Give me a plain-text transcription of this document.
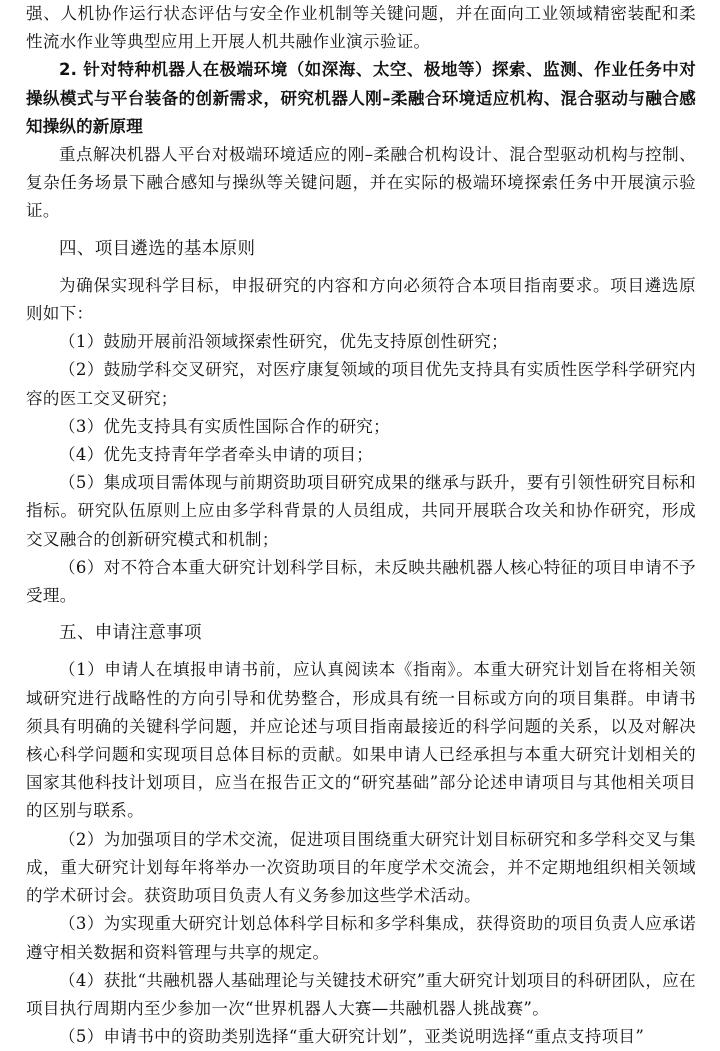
强、人机协作运行状态评估与安全作业机制等关键问题，并在面向工业领域精密装配和柔性流水作业等典型应用上开展人机共融作业演示验证。

2. 针对特种机器人在极端环境（如深海、太空、极地等）探索、监测、作业任务中对操纵模式与平台装备的创新需求，研究机器人刚–柔融合环境适应机构、混合驱动与融合感知操纵的新原理

重点解决机器人平台对极端环境适应的刚–柔融合机构设计、混合型驱动机构与控制、复杂任务场景下融合感知与操纵等关键问题，并在实际的极端环境探索任务中开展演示验证。

四、项目遴选的基本原则

为确保实现科学目标，申报研究的内容和方向必须符合本项目指南要求。项目遴选原则如下：

（1）鼓励开展前沿领域探索性研究，优先支持原创性研究；

（2）鼓励学科交叉研究，对医疗康复领域的项目优先支持具有实质性医学科学研究内容的医工交叉研究；

（3）优先支持具有实质性国际合作的研究；

（4）优先支持青年学者牵头申请的项目；

（5）集成项目需体现与前期资助项目研究成果的继承与跃升，要有引领性研究目标和指标。研究队伍原则上应由多学科背景的人员组成，共同开展联合攻关和协作研究，形成交叉融合的创新研究模式和机制；

（6）对不符合本重大研究计划科学目标，未反映共融机器人核心特征的项目申请不予受理。

五、申请注意事项

（1）申请人在填报申请书前，应认真阅读本《指南》。本重大研究计划旨在将相关领域研究进行战略性的方向引导和优势整合，形成具有统一目标或方向的项目集群。申请书须具有明确的关键科学问题，并应论述与项目指南最接近的科学问题的关系，以及对解决核心科学问题和实现项目总体目标的贡献。如果申请人已经承担与本重大研究计划相关的国家其他科技计划项目，应当在报告正文的“研究基础”部分论述申请项目与其他相关项目的区别与联系。

（2）为加强项目的学术交流，促进项目围绕重大研究计划目标研究和多学科交叉与集成，重大研究计划每年将举办一次资助项目的年度学术交流会，并不定期地组织相关领域的学术研讨会。获资助项目负责人有义务参加这些学术活动。

（3）为实现重大研究计划总体科学目标和多学科集成，获得资助的项目负责人应承诺遵守相关数据和资料管理与共享的规定。

（4）获批“共融机器人基础理论与关键技术研究”重大研究计划项目的科研团队，应在项目执行周期内至少参加一次“世界机器人大赛—共融机器人挑战赛”。

（5）申请书中的资助类别选择“重大研究计划”，亚类说明选择“重点支持项目”
